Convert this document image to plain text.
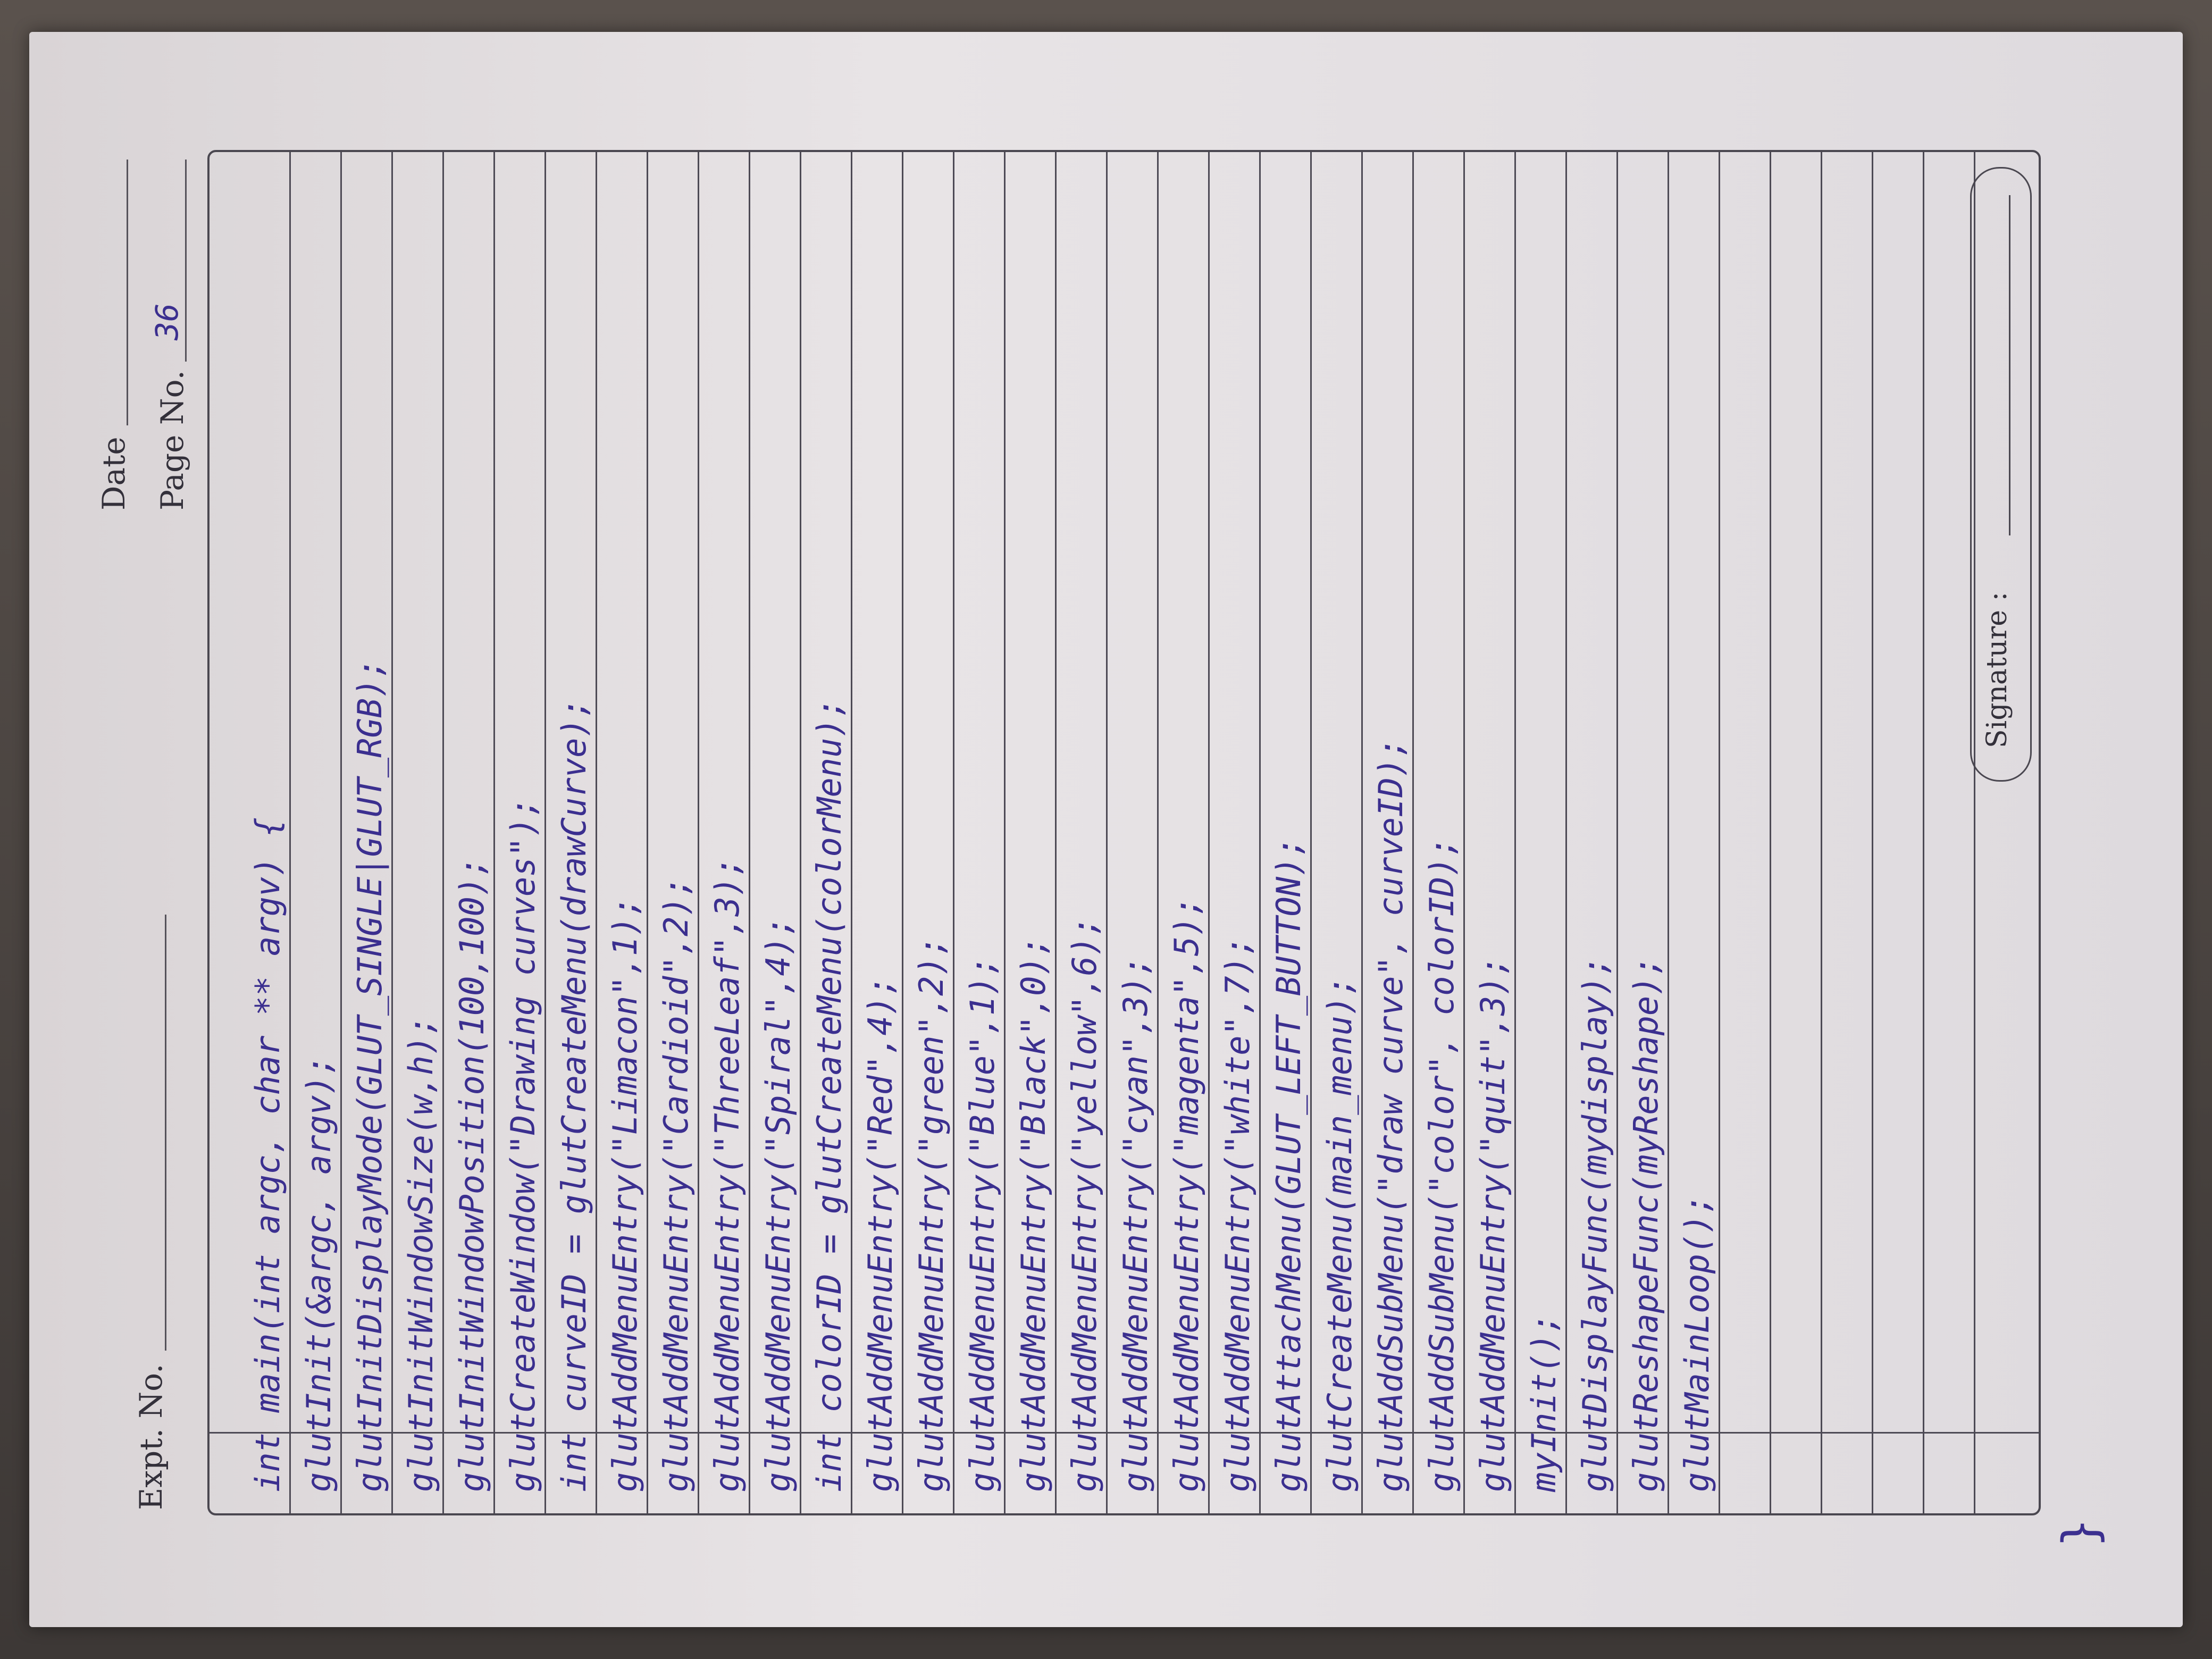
Expt. No.
Date Page No.
36
int main(int argc, char ** argv) { glutInit(&argc, argv); glutInitDisplayMode(GLUT_SINGLE|GLUT_RGB); glutInitWindowSize(w,h); glutInitWindowPosition(100,100); glutCreateWindow("Drawing curves"); int curveID = glutCreateMenu(drawCurve); glutAddMenuEntry("Limacon",1); glutAddMenuEntry("Cardioid",2); glutAddMenuEntry("ThreeLeaf",3); glutAddMenuEntry("Spiral",4); int colorID = glutCreateMenu(colorMenu); glutAddMenuEntry("Red",4); glutAddMenuEntry("green",2); glutAddMenuEntry("Blue",1); glutAddMenuEntry("Black",0); glutAddMenuEntry("yellow",6); glutAddMenuEntry("cyan",3); glutAddMenuEntry("magenta",5); glutAddMenuEntry("white",7); glutAttachMenu(GLUT_LEFT_BUTTON); glutCreateMenu(main_menu); glutAddSubMenu("draw curve", curveID); glutAddSubMenu("color", colorID); glutAddMenuEntry("quit",3); myInit(); glutDisplayFunc(mydisplay); glutReshapeFunc(myReshape); glutMainLoop();
Signature :
}
